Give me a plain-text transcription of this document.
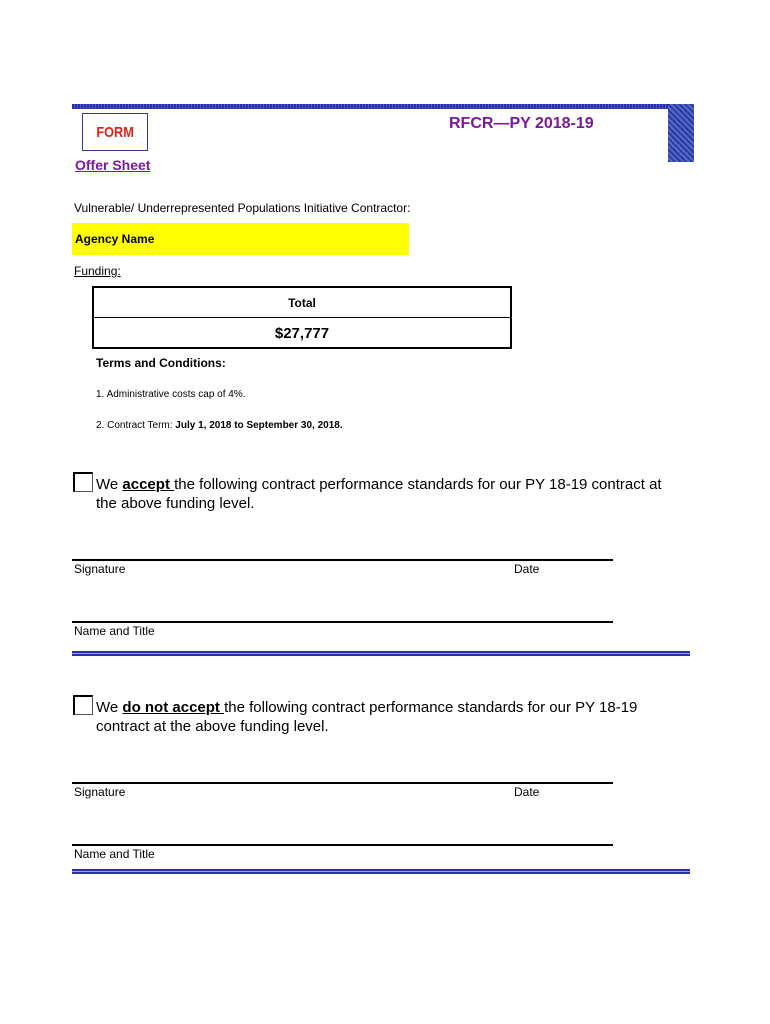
FORM	RFCR—PY 2018-19
Offer Sheet
Vulnerable/ Underrepresented Populations Initiative Contractor:
Agency Name
Funding:
Total
$27,777
Terms and Conditions:
1. Administrative costs cap of 4%.
2. Contract Term: July 1, 2018 to September 30, 2018.
We accept the following contract performance standards for our PY 18-19 contract at the above funding level.
Signature	Date
Name and Title
We do not accept the following contract performance standards for our PY 18-19 contract at the above funding level.
Signature	Date
Name and Title
